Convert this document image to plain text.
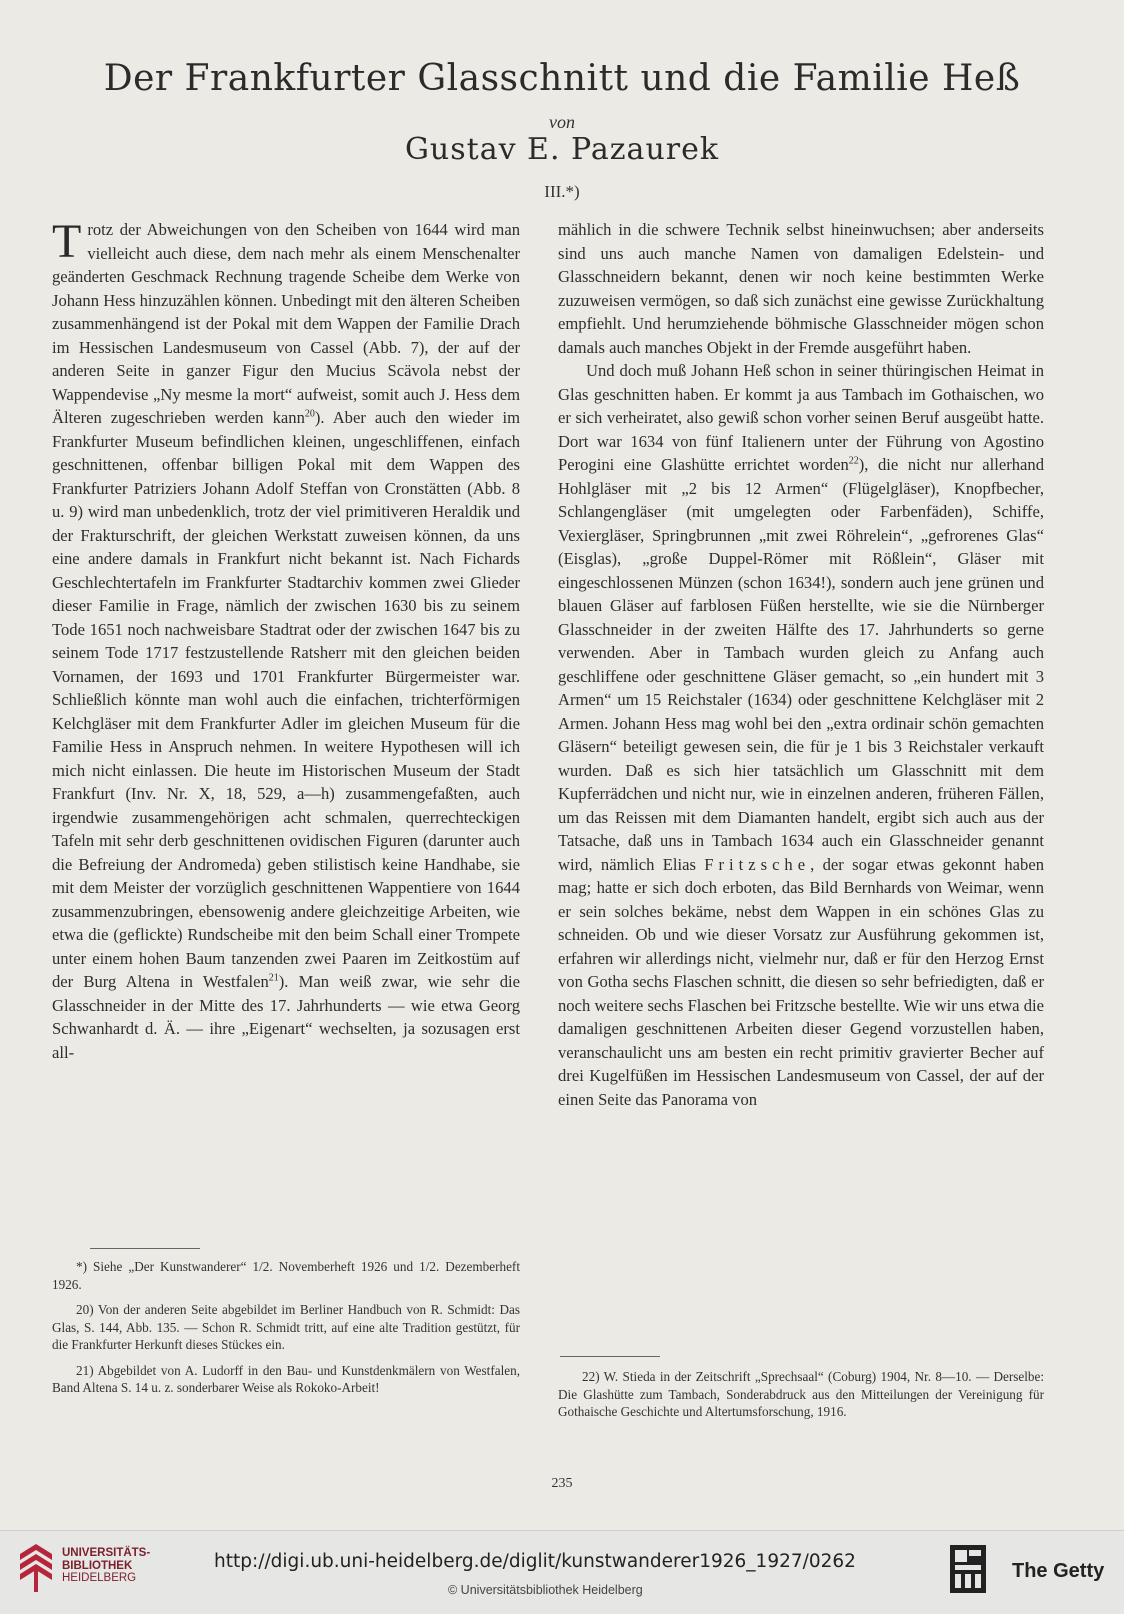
Der Frankfurter Glasschnitt und die Familie Heß
von
Gustav E. Pazaurek
III.*)

Trotz der Abweichungen von den Scheiben von 1644 wird man vielleicht auch diese, dem nach mehr als einem Menschenalter geänderten Geschmack Rechnung tragende Scheibe dem Werke von Johann Hess hinzuzählen können. Unbedingt mit den älteren Scheiben zusammenhängend ist der Pokal mit dem Wappen der Familie Drach im Hessischen Landesmuseum von Cassel (Abb. 7), der auf der anderen Seite in ganzer Figur den Mucius Scävola nebst der Wappendevise „Ny mesme la mort“ aufweist, somit auch J. Hess dem Älteren zugeschrieben werden kann$^{20}$). Aber auch den wieder im Frankfurter Museum befindlichen kleinen, ungeschliffenen, einfach geschnittenen, offenbar billigen Pokal mit dem Wappen des Frankfurter Patriziers Johann Adolf Steffan von Cronstätten (Abb. 8 u. 9) wird man unbedenklich, trotz der viel primitiveren Heraldik und der Frakturschrift, der gleichen Werkstatt zuweisen können, da uns eine andere damals in Frankfurt nicht bekannt ist. Nach Fichards Geschlechtertafeln im Frankfurter Stadtarchiv kommen zwei Glieder dieser Familie in Frage, nämlich der zwischen 1630 bis zu seinem Tode 1651 noch nachweisbare Stadtrat oder der zwischen 1647 bis zu seinem Tode 1717 festzustellende Ratsherr mit den gleichen beiden Vornamen, der 1693 und 1701 Frankfurter Bürgermeister war. Schließlich könnte man wohl auch die einfachen, trichterförmigen Kelchgläser mit dem Frankfurter Adler im gleichen Museum für die Familie Hess in Anspruch nehmen. In weitere Hypothesen will ich mich nicht einlassen. Die heute im Historischen Museum der Stadt Frankfurt (Inv. Nr. X, 18, 529, a—h) zusammengefaßten, auch irgendwie zusammengehörigen acht schmalen, querrechteckigen Tafeln mit sehr derb geschnittenen ovidischen Figuren (darunter auch die Befreiung der Andromeda) geben stilistisch keine Handhabe, sie mit dem Meister der vorzüglich geschnittenen Wappentiere von 1644 zusammenzubringen, ebensowenig andere gleichzeitige Arbeiten, wie etwa die (geflickte) Rundscheibe mit den beim Schall einer Trompete unter einem hohen Baum tanzenden zwei Paaren im Zeitkostüm auf der Burg Altena in Westfalen$^{21}$). Man weiß zwar, wie sehr die Glasschneider in der Mitte des 17. Jahrhunderts — wie etwa Georg Schwanhardt d. Ä. — ihre „Eigenart“ wechselten, ja sozusagen erst all-

mählich in die schwere Technik selbst hineinwuchsen; aber anderseits sind uns auch manche Namen von damaligen Edelstein- und Glasschneidern bekannt, denen wir noch keine bestimmten Werke zuzuweisen vermögen, so daß sich zunächst eine gewisse Zurückhaltung empfiehlt. Und herumziehende böhmische Glasschneider mögen schon damals auch manches Objekt in der Fremde ausgeführt haben.

Und doch muß Johann Heß schon in seiner thüringischen Heimat in Glas geschnitten haben. Er kommt ja aus Tambach im Gothaischen, wo er sich verheiratet, also gewiß schon vorher seinen Beruf ausgeübt hatte. Dort war 1634 von fünf Italienern unter der Führung von Agostino Perogini eine Glashütte errichtet worden$^{22}$), die nicht nur allerhand Hohlgläser mit „2 bis 12 Armen“ (Flügelgläser), Knopfbecher, Schlangengläser (mit umgelegten oder Farbenfäden), Schiffe, Vexiergläser, Springbrunnen „mit zwei Röhrelein“, „gefrorenes Glas“ (Eisglas), „große Duppel-Römer mit Rößlein“, Gläser mit eingeschlossenen Münzen (schon 1634!), sondern auch jene grünen und blauen Gläser auf farblosen Füßen herstellte, wie sie die Nürnberger Glasschneider in der zweiten Hälfte des 17. Jahrhunderts so gerne verwenden. Aber in Tambach wurden gleich zu Anfang auch geschliffene oder geschnittene Gläser gemacht, so „ein hundert mit 3 Armen“ um 15 Reichstaler (1634) oder geschnittene Kelchgläser mit 2 Armen. Johann Hess mag wohl bei den „extra ordinair schön gemachten Gläsern“ beteiligt gewesen sein, die für je 1 bis 3 Reichstaler verkauft wurden. Daß es sich hier tatsächlich um Glasschnitt mit dem Kupferrädchen und nicht nur, wie in einzelnen anderen, früheren Fällen, um das Reissen mit dem Diamanten handelt, ergibt sich auch aus der Tatsache, daß uns in Tambach 1634 auch ein Glasschneider genannt wird, nämlich Elias Fritzsche, der sogar etwas gekonnt haben mag; hatte er sich doch erboten, das Bild Bernhards von Weimar, wenn er sein solches bekäme, nebst dem Wappen in ein schönes Glas zu schneiden. Ob und wie dieser Vorsatz zur Ausführung gekommen ist, erfahren wir allerdings nicht, vielmehr nur, daß er für den Herzog Ernst von Gotha sechs Flaschen schnitt, die diesen so sehr befriedigten, daß er noch weitere sechs Flaschen bei Fritzsche bestellte. Wie wir uns etwa die damaligen geschnittenen Arbeiten dieser Gegend vorzustellen haben, veranschaulicht uns am besten ein recht primitiv gravierter Becher auf drei Kugelfüßen im Hessischen Landesmuseum von Cassel, der auf der einen Seite das Panorama von

*) Siehe „Der Kunstwanderer“ 1/2. Novemberheft 1926 und 1/2. Dezemberheft 1926.

20) Von der anderen Seite abgebildet im Berliner Handbuch von R. Schmidt: Das Glas, S. 144, Abb. 135. — Schon R. Schmidt tritt, auf eine alte Tradition gestützt, für die Frankfurter Herkunft dieses Stückes ein.

21) Abgebildet von A. Ludorff in den Bau- und Kunstdenkmälern von Westfalen, Band Altena S. 14 u. z. sonderbarer Weise als Rokoko-Arbeit!

22) W. Stieda in der Zeitschrift „Sprechsaal“ (Coburg) 1904, Nr. 8—10. — Derselbe: Die Glashütte zum Tambach, Sonderabdruck aus den Mitteilungen der Vereinigung für Gothaische Geschichte und Altertumsforschung, 1916.

235
UNIVERSITÄTS-
BIBLIOTHEK
HEIDELBERG
http://digi.ub.uni-heidelberg.de/diglit/kunstwanderer1926_1927/0262
© Universitätsbibliothek Heidelberg
The Getty
